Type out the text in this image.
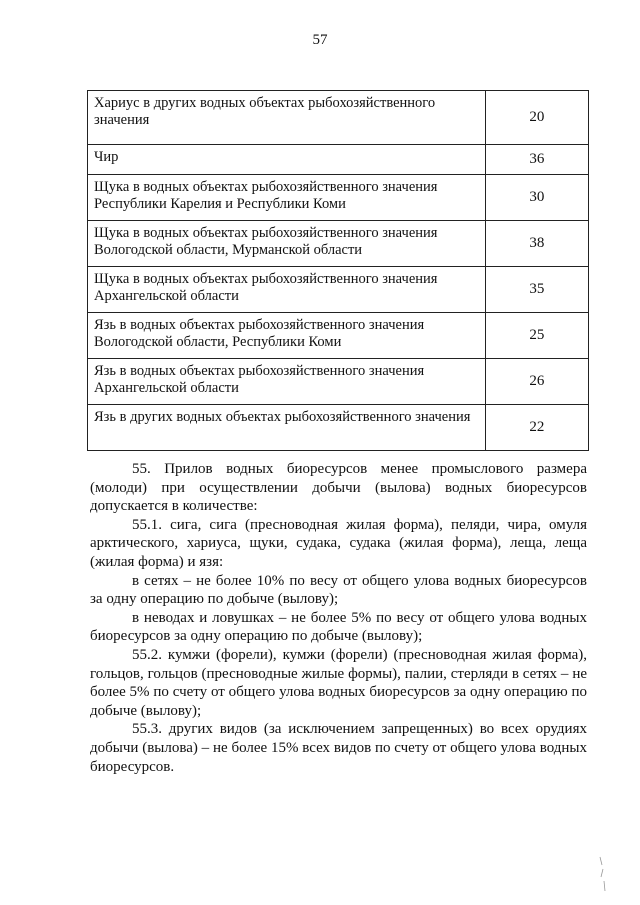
57
Хариус в других водных объектах рыбохозяйственного значения	20
Чир	36
Щука в водных объектах рыбохозяйственного значения Республики Карелия и Республики Коми	30
Щука в водных объектах рыбохозяйственного значения Вологодской области, Мурманской области	38
Щука в водных объектах рыбохозяйственного значения Архангельской области	35
Язь в водных объектах рыбохозяйственного значения Вологодской области, Республики Коми	25
Язь в водных объектах рыбохозяйственного значения Архангельской области	26
Язь в других водных объектах рыбохозяйственного значения	22

55. Прилов водных биоресурсов менее промыслового размера (молоди) при осуществлении добычи (вылова) водных биоресурсов допускается в количестве:

55.1. сига, сига (пресноводная жилая форма), пеляди, чира, омуля арктического, хариуса, щуки, судака, судака (жилая форма), леща, леща (жилая форма) и язя:

в сетях – не более 10% по весу от общего улова водных биоресурсов за одну операцию по добыче (вылову);

в неводах и ловушках – не более 5% по весу от общего улова водных биоресурсов за одну операцию по добыче (вылову);

55.2. кумжи (форели), кумжи (форели) (пресноводная жилая форма), гольцов, гольцов (пресноводные жилые формы), палии, стерляди в сетях – не более 5% по счету от общего улова водных биоресурсов за одну операцию по добыче (вылову);

55.3. других видов (за исключением запрещенных) во всех орудиях добычи (вылова) – не более 15% всех видов по счету от общего улова водных биоресурсов.
